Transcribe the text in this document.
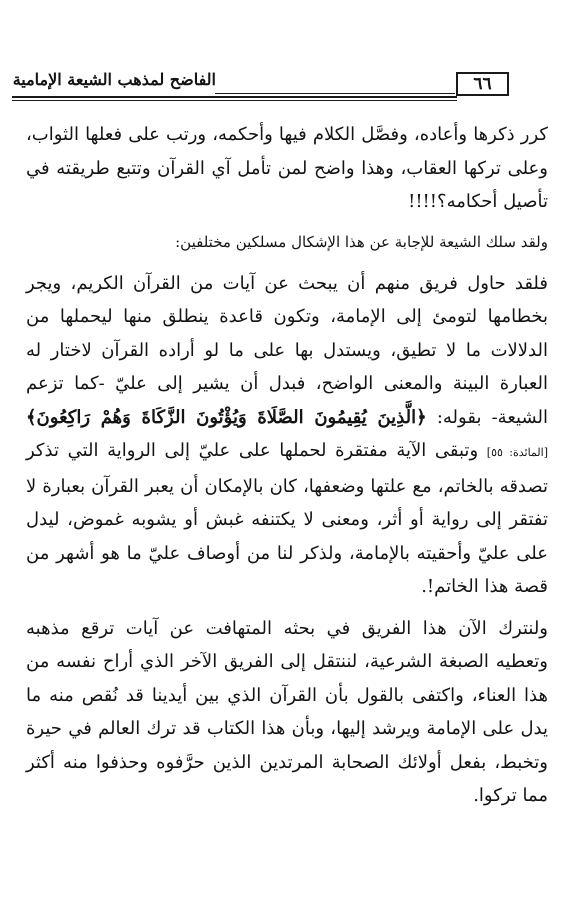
٦٦
الفاضح لمذهب الشيعة الإمامية

كرر ذكرها وأعاده، وفصَّل الكلام فيها وأحكمه، ورتب على فعلها الثواب، وعلى تركها العقاب، وهذا واضح لمن تأمل آي القرآن وتتبع طريقته في تأصيل أحكامه؟!!!!

ولقد سلك الشيعة للإجابة عن هذا الإشكال مسلكين مختلفين:

فلقد حاول فريق منهم أن يبحث عن آيات من القرآن الكريم، ويجر بخطامها لتومئ إلى الإمامة، وتكون قاعدة ينطلق منها ليحملها من الدلالات ما لا تطيق، ويستدل بها على ما لو أراده القرآن لاختار له العبارة البينة والمعنى الواضح، فبدل أن يشير إلى عليّ -كما تزعم الشيعة- بقوله: ﴿الَّذِينَ يُقِيمُونَ الصَّلَاةَ وَيُؤْتُونَ الزَّكَاةَ وَهُمْ رَاكِعُونَ﴾[المائدة: ٥٥] وتبقى الآية مفتقرة لحملها على عليّ إلى الرواية التي تذكر تصدقه بالخاتم، مع علتها وضعفها، كان بالإمكان أن يعبر القرآن بعبارة لا تفتقر إلى رواية أو أثر، ومعنى لا يكتنفه غبش أو يشوبه غموض، ليدل على عليّ وأحقيته بالإمامة، ولذكر لنا من أوصاف عليّ ما هو أشهر من قصة هذا الخاتم!.

ولنترك الآن هذا الفريق في بحثه المتهافت عن آيات ترقع مذهبه وتعطيه الصبغة الشرعية، لننتقل إلى الفريق الآخر الذي أراح نفسه من هذا العناء، واكتفى بالقول بأن القرآن الذي بين أيدينا قد نُقص منه ما يدل على الإمامة ويرشد إليها، وبأن هذا الكتاب قد ترك العالم في حيرة وتخبط، بفعل أولائك الصحابة المرتدين الذين حرَّفوه وحذفوا منه أكثر مما تركوا.
